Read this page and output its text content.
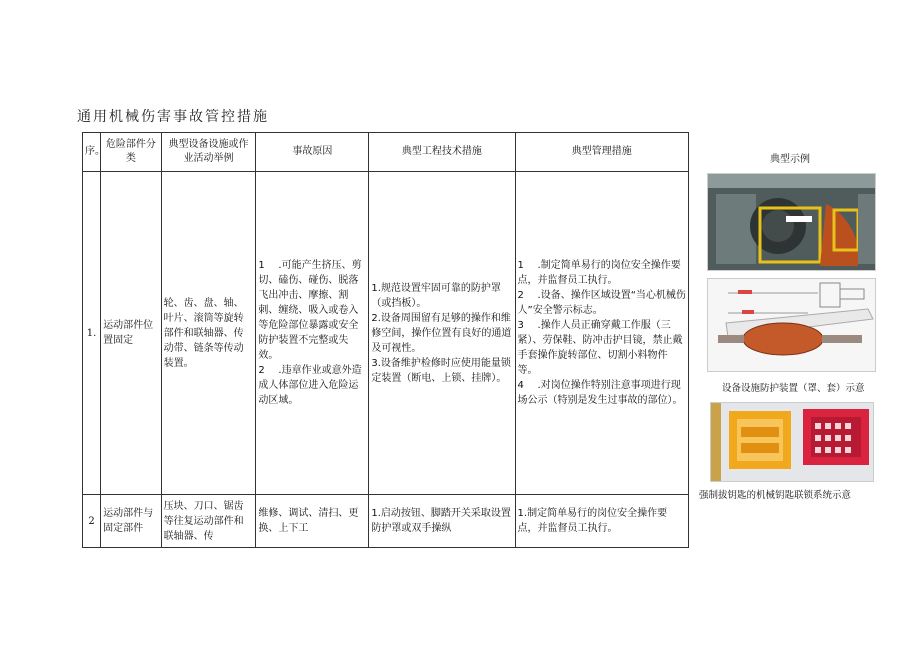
通用机械伤害事故管控措施
序。	危险部件分类	典型设备设施或作业活动举例	事故原因	典型工程技术措施	典型管理措施
1.	运动部件位置固定	轮、齿、盘、轴、叶片、滚筒等旋转部件和联轴器、传动带、链条等传动装置。	1 .可能产生挤压、剪切、磕伤、碰伤、脱落飞出冲击、摩擦、割刺、缠绕、吸入或卷入等危险部位暴露或安全防护装置不完整或失效。
2 .违章作业或意外造成人体部位进入危险运动区域。	1.规范设置牢固可靠的防护罩（或挡板）。
2.设备周围留有足够的操作和维修空间，操作位置有良好的通道及可视性。
3.设备维护检修时应使用能量锁定装置（断电、上锁、挂牌）。	1 .制定简单易行的岗位安全操作要点，并监督员工执行。
2 .设备、操作区域设置“当心机械伤人”安全警示标志。
3 .操作人员正确穿戴工作服（三紧）、劳保鞋、防冲击护目镜，禁止戴手套操作旋转部位、切割小料物件等。
4 .对岗位操作特别注意事项进行现场公示（特别是发生过事故的部位）。

2	运动部件与固定部件	压块、刀口、锯齿等往复运动部件和联轴器、传	维修、调试、清扫、更换、上下工	1.启动按钮、脚踏开关采取设置防护罩或双手操纵	1.制定简单易行的岗位安全操作要点，并监督员工执行。
典型示例
设备设施防护装置（罩、套）示意
强制拔钥匙的机械钥匙联锁系统示意
